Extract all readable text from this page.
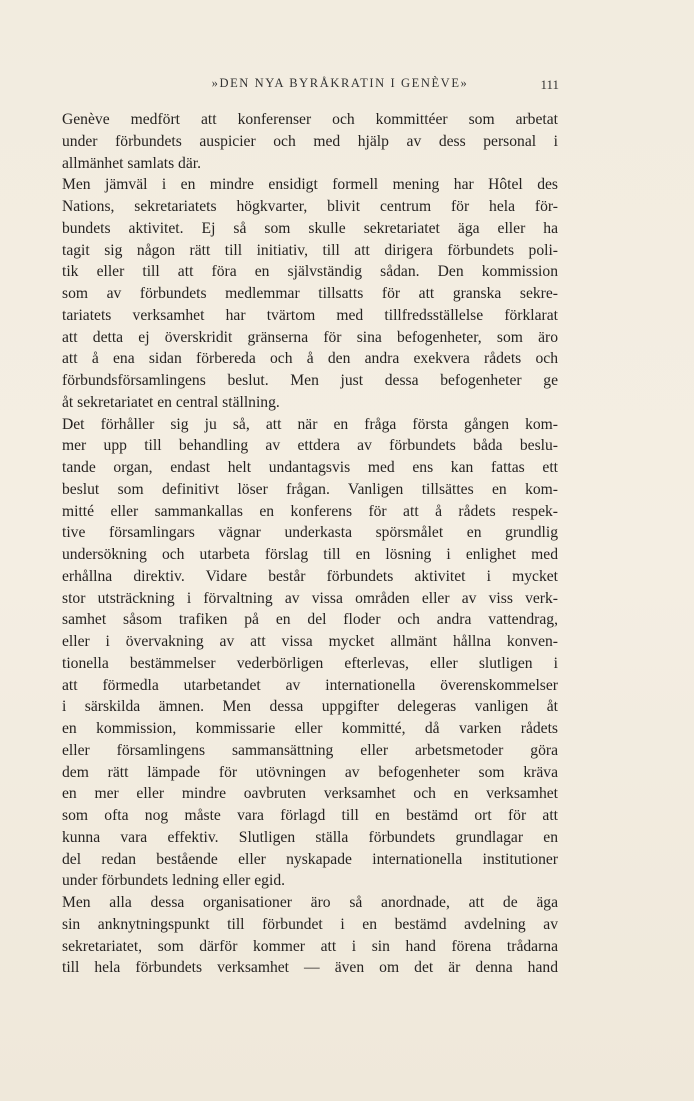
»DEN NYA BYRÅKRATIN I GENÈVE»	111
Genève medfört att konferenser och kommittéer som arbetat
under förbundets auspicier och med hjälp av dess personal i
allmänhet samlats där.
Men jämväl i en mindre ensidigt formell mening har Hôtel des
Nations, sekretariatets högkvarter, blivit centrum för hela för-
bundets aktivitet. Ej så som skulle sekretariatet äga eller ha
tagit sig någon rätt till initiativ, till att dirigera förbundets poli-
tik eller till att föra en självständig sådan. Den kommission
som av förbundets medlemmar tillsatts för att granska sekre-
tariatets verksamhet har tvärtom med tillfredsställelse förklarat
att detta ej överskridit gränserna för sina befogenheter, som äro
att å ena sidan förbereda och å den andra exekvera rådets och
förbundsförsamlingens beslut. Men just dessa befogenheter ge
åt sekretariatet en central ställning.
Det förhåller sig ju så, att när en fråga första gången kom-
mer upp till behandling av ettdera av förbundets båda beslu-
tande organ, endast helt undantagsvis med ens kan fattas ett
beslut som definitivt löser frågan. Vanligen tillsättes en kom-
mitté eller sammankallas en konferens för att å rådets respek-
tive församlingars vägnar underkasta spörsmålet en grundlig
undersökning och utarbeta förslag till en lösning i enlighet med
erhållna direktiv. Vidare består förbundets aktivitet i mycket
stor utsträckning i förvaltning av vissa områden eller av viss verk-
samhet såsom trafiken på en del floder och andra vattendrag,
eller i övervakning av att vissa mycket allmänt hållna konven-
tionella bestämmelser vederbörligen efterlevas, eller slutligen i
att förmedla utarbetandet av internationella överenskommelser
i särskilda ämnen. Men dessa uppgifter delegeras vanligen åt
en kommission, kommissarie eller kommitté, då varken rådets
eller församlingens sammansättning eller arbetsmetoder göra
dem rätt lämpade för utövningen av befogenheter som kräva
en mer eller mindre oavbruten verksamhet och en verksamhet
som ofta nog måste vara förlagd till en bestämd ort för att
kunna vara effektiv. Slutligen ställa förbundets grundlagar en
del redan bestående eller nyskapade internationella institutioner
under förbundets ledning eller egid.
Men alla dessa organisationer äro så anordnade, att de äga
sin anknytningspunkt till förbundet i en bestämd avdelning av
sekretariatet, som därför kommer att i sin hand förena trådarna
till hela förbundets verksamhet — även om det är denna hand
